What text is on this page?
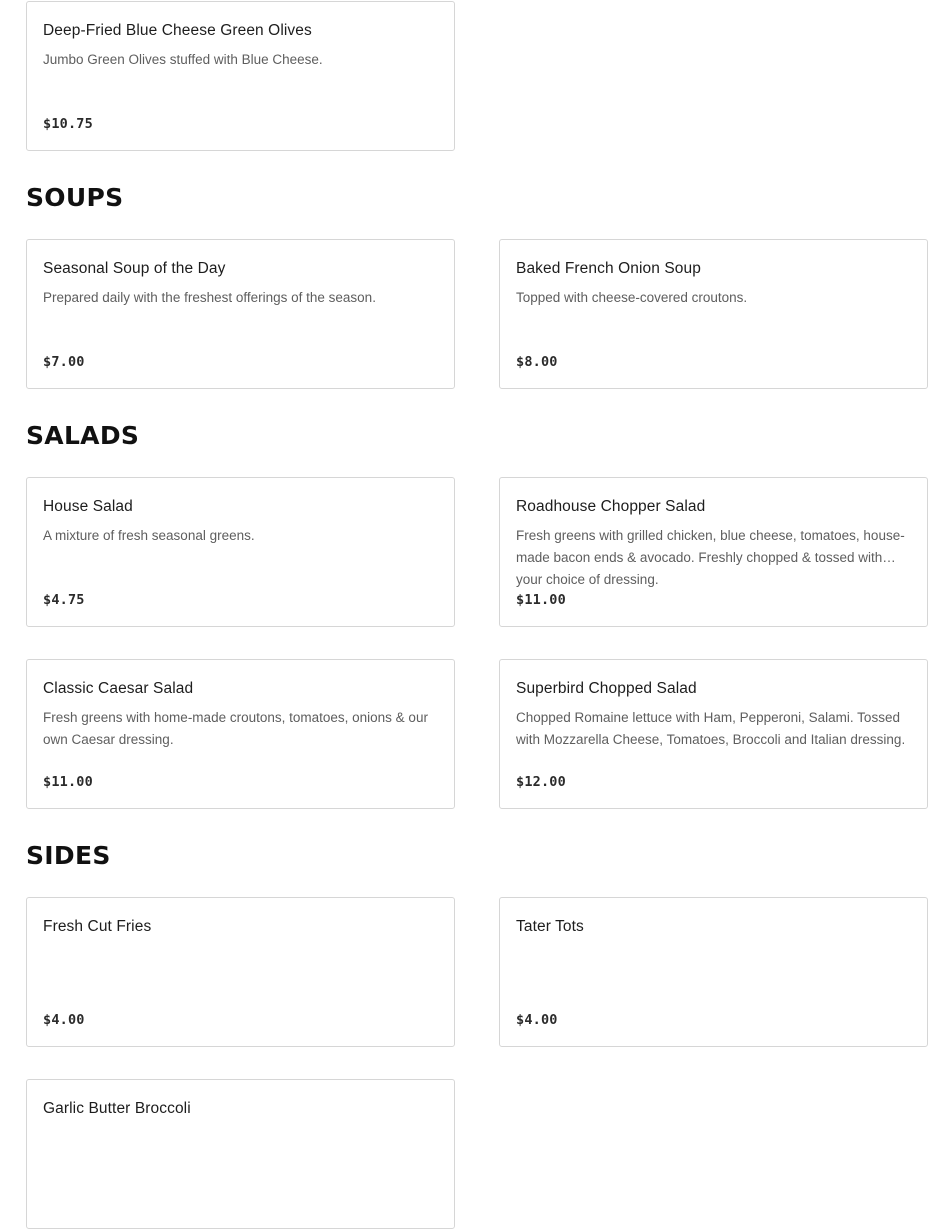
Deep-Fried Blue Cheese Green Olives
Jumbo Green Olives stuffed with Blue Cheese.
$10.75
SOUPS
Seasonal Soup of the Day
Prepared daily with the freshest offerings of the season.
$7.00
Baked French Onion Soup
Topped with cheese-covered croutons.
$8.00
SALADS
House Salad
A mixture of fresh seasonal greens.
$4.75
Roadhouse Chopper Salad
Fresh greens with grilled chicken, blue cheese, tomatoes, house-made bacon ends & avocado. Freshly chopped & tossed with your choice of dressing.
$11.00
Classic Caesar Salad
Fresh greens with home-made croutons, tomatoes, onions & our own Caesar dressing.
$11.00
Superbird Chopped Salad
Chopped Romaine lettuce with Ham, Pepperoni, Salami. Tossed with Mozzarella Cheese, Tomatoes, Broccoli and Italian dressing.
$12.00
SIDES
Fresh Cut Fries
$4.00
Tater Tots
$4.00
Garlic Butter Broccoli
